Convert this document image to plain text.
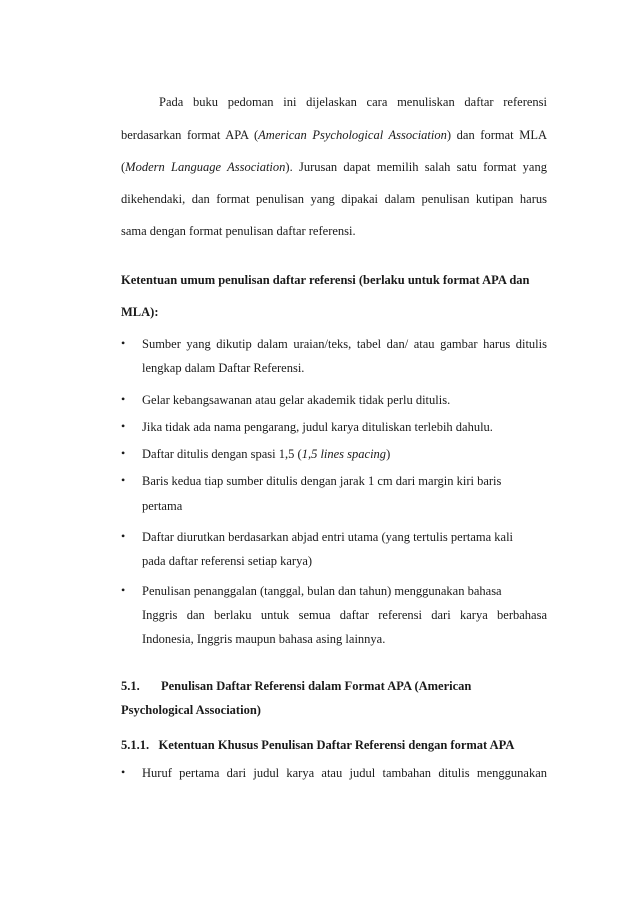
Pada buku pedoman ini dijelaskan cara menuliskan daftar referensi
berdasarkan format APA (American Psychological Association) dan format MLA
(Modern Language Association). Jurusan dapat memilih salah satu format yang
dikehendaki, dan format penulisan yang dipakai dalam penulisan kutipan harus
sama dengan format penulisan daftar referensi.
Ketentuan umum penulisan daftar referensi (berlaku untuk format APA dan
MLA):
• Sumber yang dikutip dalam uraian/teks, tabel dan/ atau gambar harus ditulis
lengkap dalam Daftar Referensi.
• Gelar kebangsawanan atau gelar akademik tidak perlu ditulis.
• Jika tidak ada nama pengarang, judul karya dituliskan terlebih dahulu.
• Daftar ditulis dengan spasi 1,5 (1,5 lines spacing)
• Baris kedua tiap sumber ditulis dengan jarak 1 cm dari margin kiri baris
pertama
• Daftar diurutkan berdasarkan abjad entri utama (yang tertulis pertama kali
pada daftar referensi setiap karya)
• Penulisan penanggalan (tanggal, bulan dan tahun) menggunakan bahasa
Inggris dan berlaku untuk semua daftar referensi dari karya berbahasa
Indonesia, Inggris maupun bahasa asing lainnya.
5.1. Penulisan Daftar Referensi dalam Format APA (American
Psychological Association)
5.1.1.   Ketentuan Khusus Penulisan Daftar Referensi dengan format APA
• Huruf pertama dari judul karya atau judul tambahan ditulis menggunakan
